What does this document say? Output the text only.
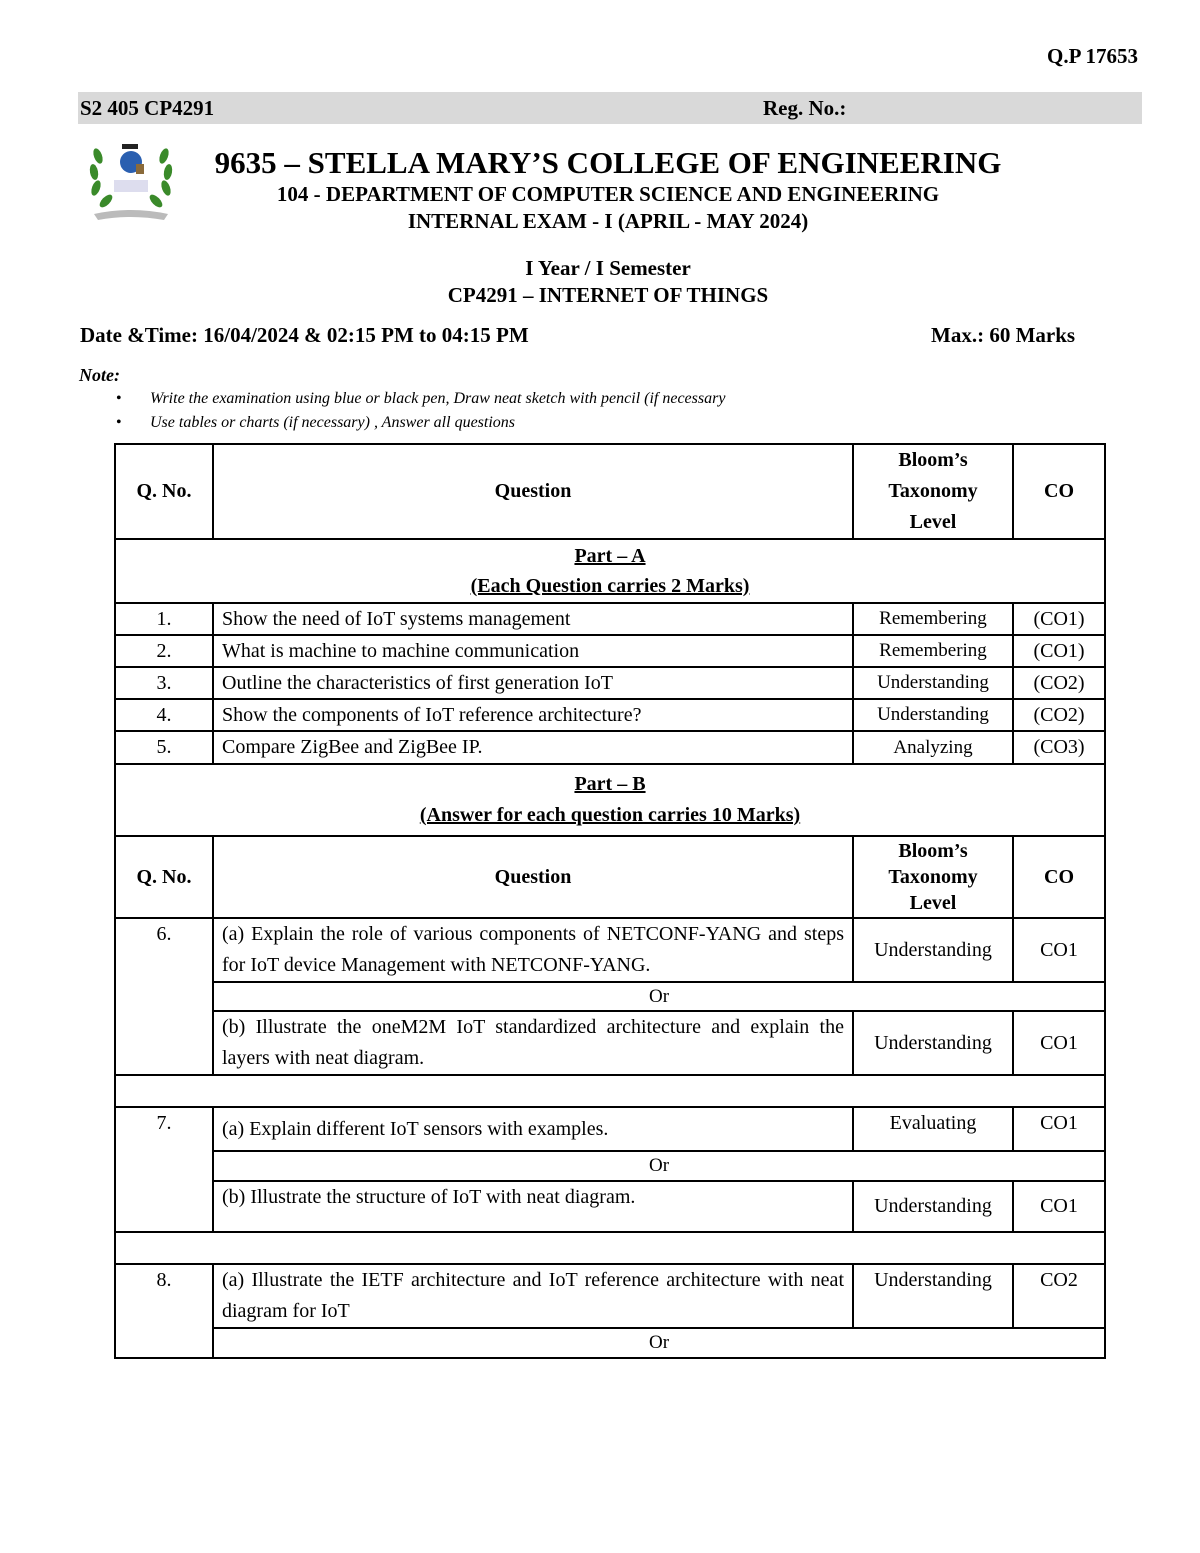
Q.P 17653
S2 405 CP4291	Reg. No.:
9635 – STELLA MARY’S COLLEGE OF ENGINEERING
104 - DEPARTMENT OF COMPUTER SCIENCE AND ENGINEERING
INTERNAL EXAM - I (APRIL - MAY 2024)
I Year / I Semester
CP4291 – INTERNET OF THINGS
Date &Time: 16/04/2024 & 02:15 PM to 04:15 PM	Max.: 60 Marks
Note:
• Write the examination using blue or black pen, Draw neat sketch with pencil (if necessary
• Use tables or charts (if necessary) , Answer all questions
Q. No.	Question	Bloom’s
Taxonomy
Level	CO
Part – A
(Each Question carries 2 Marks)			
1.	Show the need of IoT systems management	Remembering	(CO1)
2.	What is machine to machine communication	Remembering	(CO1)
3.	Outline the characteristics of first generation IoT	Understanding	(CO2)
4.	Show the components of IoT reference architecture?	Understanding	(CO2)
5.	Compare ZigBee and ZigBee IP.	Analyzing	(CO3)
Part – B
(Answer for each question carries 10 Marks)			
Q. No.	Question	Bloom’s
Taxonomy
Level	CO
6.	(a) Explain the role of various components of NETCONF-YANG and steps for IoT device Management with NETCONF-YANG.	Understanding	CO1
	Or		
	(b) Illustrate the oneM2M IoT standardized architecture and explain the layers with neat diagram.	Understanding	CO1

7.	(a) Explain different IoT sensors with examples.	Evaluating	CO1
	Or		
	(b) Illustrate the structure of IoT with neat diagram.	Understanding	CO1

8.	(a) Illustrate the IETF architecture and IoT reference architecture with neat diagram for IoT	Understanding	CO2
	Or		
